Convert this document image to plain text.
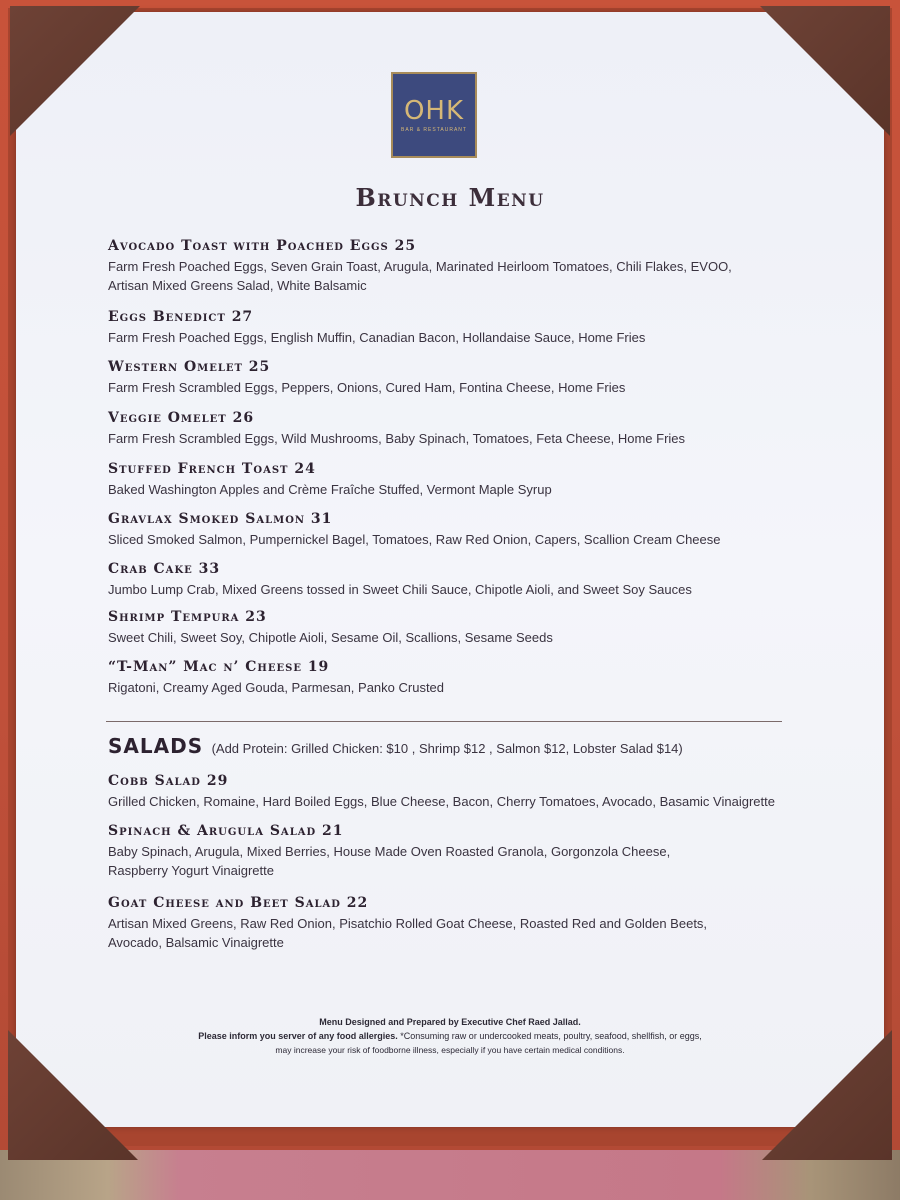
OHK
BAR & RESTAURANT
Brunch Menu
Avocado Toast with Poached Eggs 25
Farm Fresh Poached Eggs, Seven Grain Toast, Arugula, Marinated Heirloom Tomatoes, Chili Flakes, EVOO,
Artisan Mixed Greens Salad, White Balsamic
Eggs Benedict 27
Farm Fresh Poached Eggs, English Muffin, Canadian Bacon, Hollandaise Sauce, Home Fries
Western Omelet 25
Farm Fresh Scrambled Eggs, Peppers, Onions, Cured Ham, Fontina Cheese, Home Fries
Veggie Omelet 26
Farm Fresh Scrambled Eggs, Wild Mushrooms, Baby Spinach, Tomatoes, Feta Cheese, Home Fries
Stuffed French Toast 24
Baked Washington Apples and Crème Fraîche Stuffed, Vermont Maple Syrup
Gravlax Smoked Salmon 31
Sliced Smoked Salmon, Pumpernickel Bagel, Tomatoes, Raw Red Onion, Capers, Scallion Cream Cheese
Crab Cake 33
Jumbo Lump Crab, Mixed Greens tossed in Sweet Chili Sauce, Chipotle Aioli, and Sweet Soy Sauces
Shrimp Tempura 23
Sweet Chili, Sweet Soy, Chipotle Aioli, Sesame Oil, Scallions, Sesame Seeds
“T-Man” Mac n’ Cheese 19
Rigatoni, Creamy Aged Gouda, Parmesan, Panko Crusted
SALADS (Add Protein: Grilled Chicken: $10 , Shrimp $12 , Salmon $12, Lobster Salad $14)
Cobb Salad 29
Grilled Chicken, Romaine, Hard Boiled Eggs, Blue Cheese, Bacon, Cherry Tomatoes, Avocado, Basamic Vinaigrette
Spinach & Arugula Salad 21
Baby Spinach, Arugula, Mixed Berries, House Made Oven Roasted Granola, Gorgonzola Cheese,
Raspberry Yogurt Vinaigrette
Goat Cheese and Beet Salad 22
Artisan Mixed Greens, Raw Red Onion, Pisatchio Rolled Goat Cheese, Roasted Red and Golden Beets,
Avocado, Balsamic Vinaigrette
Menu Designed and Prepared by Executive Chef Raed Jallad.
Please inform you server of any food allergies. *Consuming raw or undercooked meats, poultry, seafood, shellfish, or eggs,
may increase your risk of foodborne illness, especially if you have certain medical conditions.
